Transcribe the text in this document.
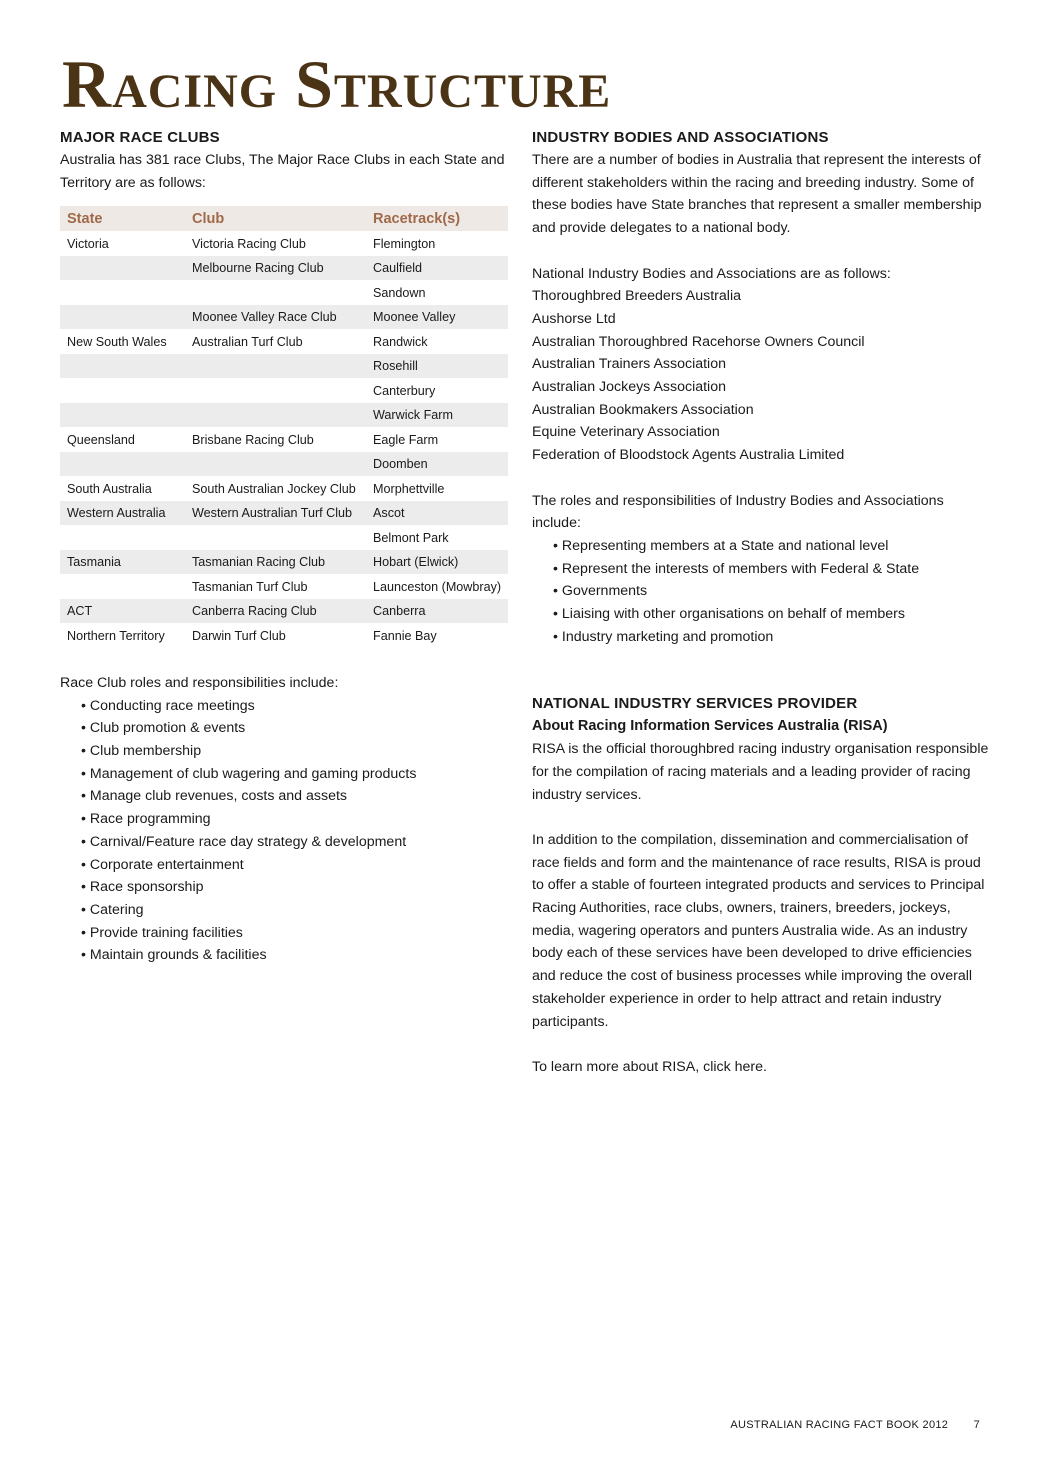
Racing Structure
MAJOR RACE CLUBS

Australia has 381 race Clubs, The Major Race Clubs in each State and Territory are as follows:

State	Club	Racetrack(s)
Victoria	Victoria Racing Club	Flemington
	Melbourne Racing Club	Caulfield
		Sandown
	Moonee Valley Race Club	Moonee Valley
New South Wales	Australian Turf Club	Randwick
		Rosehill
		Canterbury
		Warwick Farm
Queensland	Brisbane Racing Club	Eagle Farm
		Doomben
South Australia	South Australian Jockey Club	Morphettville
Western Australia	Western Australian Turf Club	Ascot
		Belmont Park
Tasmania	Tasmanian Racing Club	Hobart (Elwick)
	Tasmanian Turf Club	Launceston (Mowbray)
ACT	Canberra Racing Club	Canberra
Northern Territory	Darwin Turf Club	Fannie Bay

Race Club roles and responsibilities include:

• Conducting race meetings
• Club promotion & events
• Club membership
• Management of club wagering and gaming products
• Manage club revenues, costs and assets
• Race programming
• Carnival/Feature race day strategy & development
• Corporate entertainment
• Race sponsorship
• Catering
• Provide training facilities
• Maintain grounds & facilities
INDUSTRY BODIES AND ASSOCIATIONS

There are a number of bodies in Australia that represent the interests of different stakeholders within the racing and breeding industry. Some of these bodies have State branches that represent a smaller membership and provide delegates to a national body.

National Industry Bodies and Associations are as follows:

Thoroughbred Breeders Australia
Aushorse Ltd
Australian Thoroughbred Racehorse Owners Council
Australian Trainers Association
Australian Jockeys Association
Australian Bookmakers Association
Equine Veterinary Association
Federation of Bloodstock Agents Australia Limited

The roles and responsibilities of Industry Bodies and Associations include:

• Representing members at a State and national level
• Represent the interests of members with Federal & State
• Governments
• Liaising with other organisations on behalf of members
• Industry marketing and promotion
NATIONAL INDUSTRY SERVICES PROVIDER
About Racing Information Services Australia (RISA)

RISA is the official thoroughbred racing industry organisation responsible for the compilation of racing materials and a leading provider of racing industry services.

In addition to the compilation, dissemination and commercialisation of race fields and form and the maintenance of race results, RISA is proud to offer a stable of fourteen integrated products and services to Principal Racing Authorities, race clubs, owners, trainers, breeders, jockeys, media, wagering operators and punters Australia wide. As an industry body each of these services have been developed to drive efficiencies and reduce the cost of business processes while improving the overall stakeholder experience in order to help attract and retain industry participants.

To learn more about RISA, click here.

AUSTRALIAN RACING FACT BOOK 2012 7
